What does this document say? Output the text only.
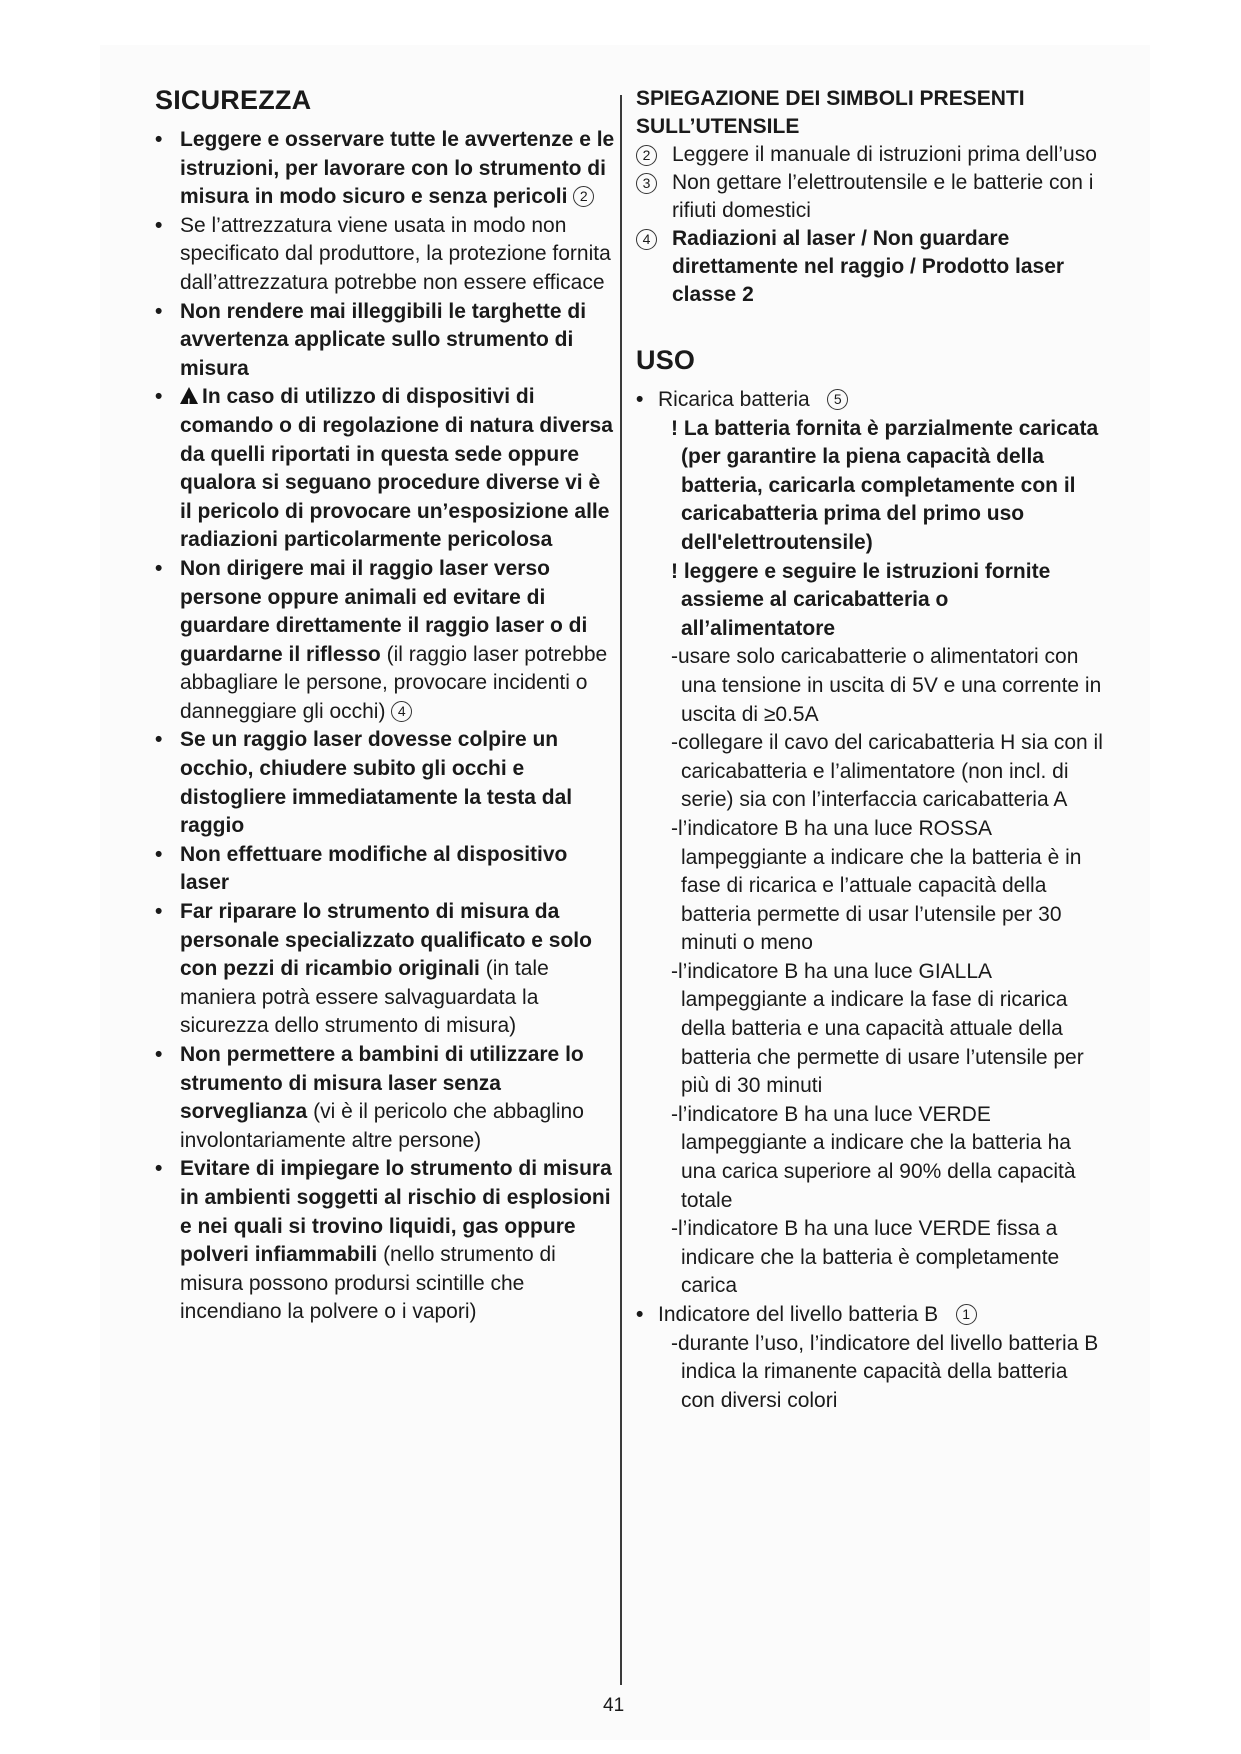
SICUREZZA

• Leggere e osservare tutte le avvertenze e le istruzioni, per lavorare con lo strumento di misura in modo sicuro e senza pericoli 2

• Se l’attrezzatura viene usata in modo non specificato dal produttore, la protezione fornita dall’attrezzatura potrebbe non essere efficace

• Non rendere mai illeggibili le targhette di avvertenza applicate sullo strumento di misura

• ! In caso di utilizzo di dispositivi di comando o di regolazione di natura diversa da quelli riportati in questa sede oppure qualora si seguano procedure diverse vi è il pericolo di provocare un’esposizione alle radiazioni particolarmente pericolosa

• Non dirigere mai il raggio laser verso persone oppure animali ed evitare di guardare direttamente il raggio laser o di guardarne il riflesso (il raggio laser potrebbe abbagliare le persone, provocare incidenti o danneggiare gli occhi) 4

• Se un raggio laser dovesse colpire un occhio, chiudere subito gli occhi e distogliere immediatamente la testa dal raggio

• Non effettuare modifiche al dispositivo laser

• Far riparare lo strumento di misura da personale specializzato qualificato e solo con pezzi di ricambio originali (in tale maniera potrà essere salvaguardata la sicurezza dello strumento di misura)

• Non permettere a bambini di utilizzare lo strumento di misura laser senza sorveglianza (vi è il pericolo che abbaglino involontariamente altre persone)

• Evitare di impiegare lo strumento di misura in ambienti soggetti al rischio di esplosioni e nei quali si trovino liquidi, gas oppure polveri infiammabili (nello strumento di misura possono prodursi scintille che incendiano la polvere o i vapori)

SPIEGAZIONE DEI SIMBOLI PRESENTI SULL’UTENSILE
2	Leggere il manuale di istruzioni prima dell’uso
3	Non gettare l’elettroutensile e le batterie con i rifiuti domestici
4	Radiazioni al laser / Non guardare direttamente nel raggio / Prodotto laser classe 2
USO

• Ricarica batteria 5

! La batteria fornita è parzialmente caricata (per garantire la piena capacità della batteria, caricarla completamente con il caricabatteria prima del primo uso dell'elettroutensile)
! leggere e seguire le istruzioni fornite assieme al caricabatteria o all’alimentatore
-usare solo caricabatterie o alimentatori con una tensione in uscita di 5V e una corrente in uscita di ≥0.5A
-collegare il cavo del caricabatteria H sia con il caricabatteria e l’alimentatore (non incl. di serie) sia con l’interfaccia caricabatteria A
-l’indicatore B ha una luce ROSSA lampeggiante a indicare che la batteria è in fase di ricarica e l’attuale capacità della batteria permette di usar l’utensile per 30 minuti o meno
-l’indicatore B ha una luce GIALLA lampeggiante a indicare la fase di ricarica della batteria e una capacità attuale della batteria che permette di usare l’utensile per più di 30 minuti
-l’indicatore B ha una luce VERDE lampeggiante a indicare che la batteria ha una carica superiore al 90% della capacità totale
-l’indicatore B ha una luce VERDE fissa a indicare che la batteria è completamente carica

• Indicatore del livello batteria B 1

-durante l’uso, l’indicatore del livello batteria B indica la rimanente capacità della batteria con diversi colori
41
